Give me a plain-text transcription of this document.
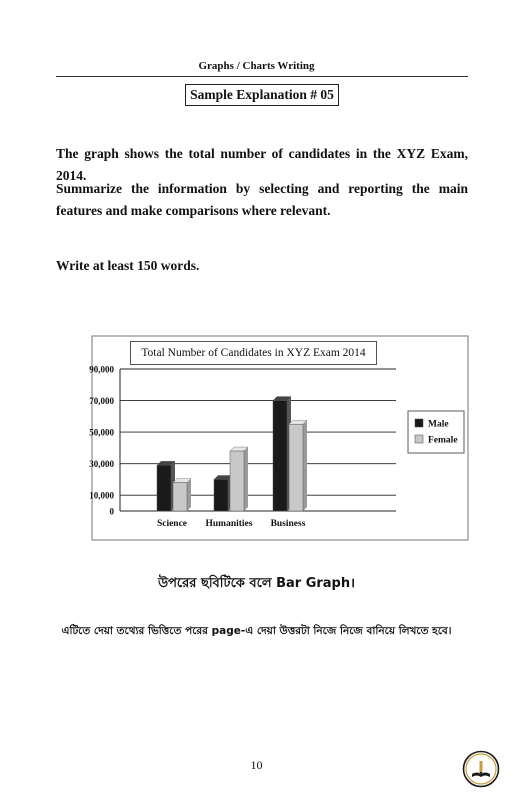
Graphs / Charts Writing
Sample Explanation # 05
The graph shows the total number of candidates in the XYZ Exam, 2014.
Summarize the information by selecting and reporting the main features and make comparisons where relevant.
Write at least 150 words.
0
10,000
30,000
50,000
70,000
90,000
Science Humanities Business
Male
Female
Total Number of Candidates in XYZ Exam 2014
উপরের ছবিটিকে বলে Bar Graph।
এটিতে দেয়া তথ্যের ভিত্তিতে পরের page-এ দেয়া উত্তরটা নিজে নিজে বানিয়ে লিখতে হবে।
10
